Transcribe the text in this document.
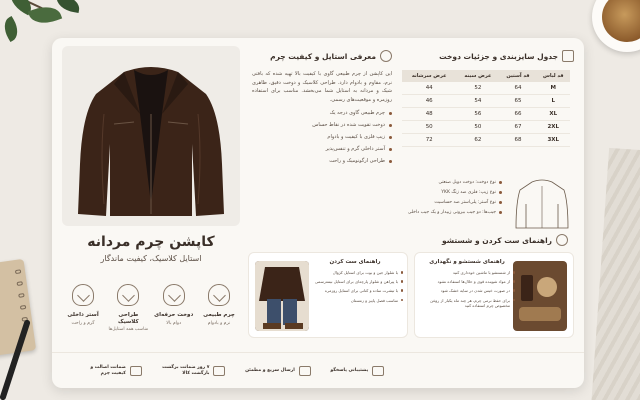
کاپشن چرم مردانه
استایل کلاسیک، کیفیت ماندگار
چرم طبیعی
نرم و بادوام
دوخت حرفه‌ای
دوام بالا
طراحی کلاسیک
مناسب همه استایل‌ها
آستر داخلی
گرم و راحت
معرفی استایل و کیفیت چرم

این کاپشن از چرم طبیعی گاوی با کیفیت بالا تهیه شده که بافتی نرم، مقاوم و بادوام دارد. طراحی کلاسیک و دوخت دقیق، ظاهری شیک و مردانه به استایل شما می‌بخشد. مناسب برای استفاده روزمره و موقعیت‌های رسمی.

چرم طبیعی گاوی درجه یک
دوخت تقویت شده در نقاط حساس
زیپ فلزی با کیفیت و بادوام
آستر داخلی گرم و تنفس‌پذیر
طراحی ارگونومیک و راحت
جدول سایزبندی و جزئیات دوخت
قد لباس	قد آستین	عرض سینه	عرض سرشانه
M	64	52	44
L	65	54	46
XL	66	56	48
2XL	67	50	50
3XL	68	62	72
نوع دوخت: دوخت دوبل صنعتی
نوع زیپ: فلزی ضد زنگ YKK
نوع آستر: پلی‌استر ضد حساسیت
جیب‌ها: دو جیب بیرونی زیپدار و یک جیب داخلی
راهنمای ست کردن و شستشو
راهنمای ست کردن
با شلوار جین و بوت برای استایل کژوال
با پیراهن و شلوار پارچه‌ای برای استایل نیمه‌رسمی
با تیشرت ساده و کتانی برای استایل روزمره
مناسب فصل پاییز و زمستان
راهنمای شستشو و نگهداری
از شستشو با ماشین خودداری کنید
از مواد شوینده قوی و حلال‌ها استفاده نشود
در صورت خیس شدن در سایه خشک شود
برای حفظ نرمی چرم، هر چند ماه یکبار از روغن مخصوص چرم استفاده کنید
پشتیبانی پاسخگو
ارسال سریع و مطمئن
۷ روز ضمانت برگشت بازگشت کالا
ضمانت اصالت و کیفیت چرم
